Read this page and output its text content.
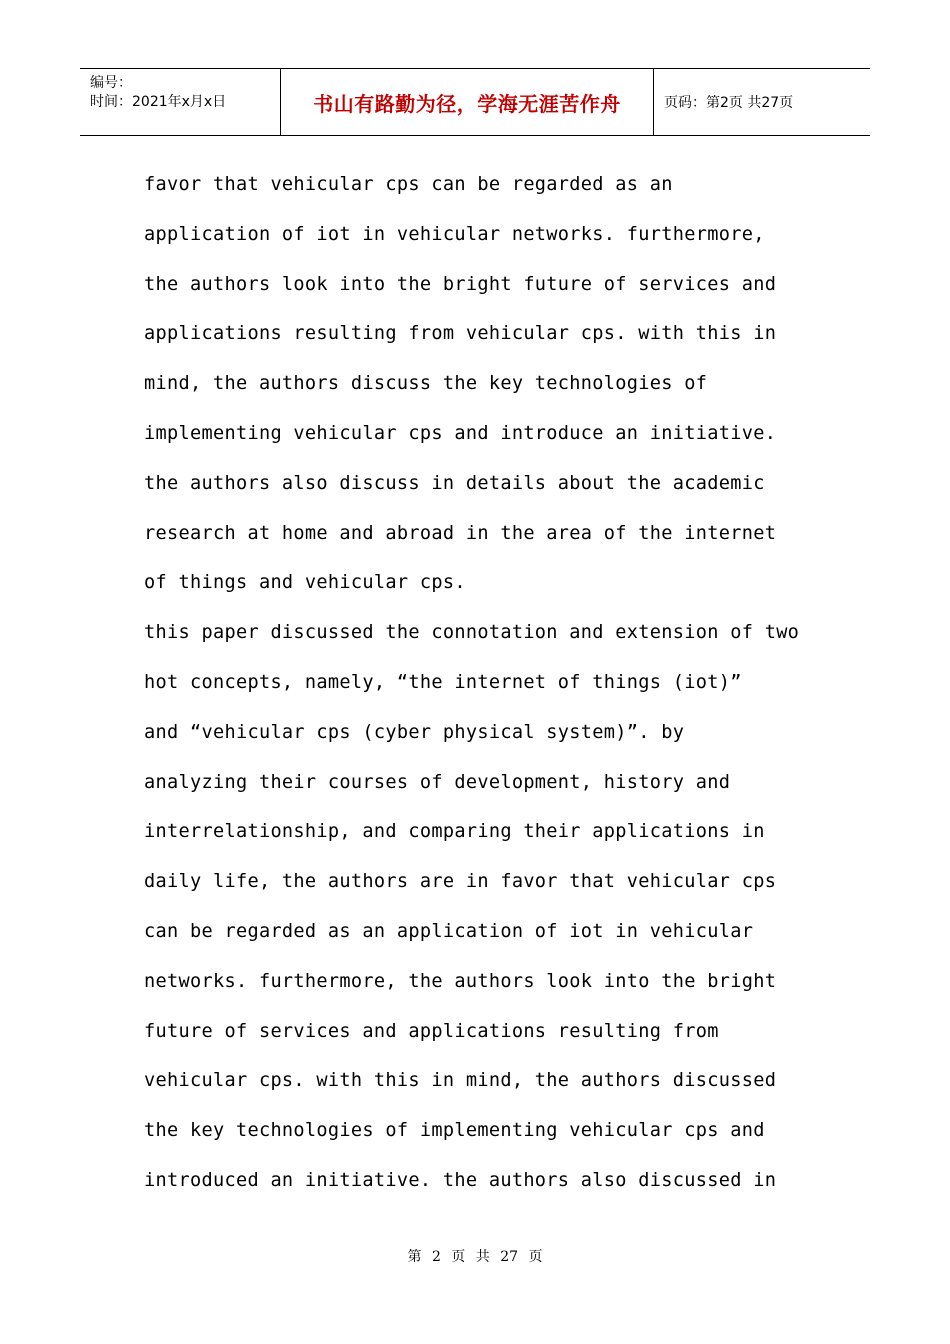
编号：
时间：2021年x月x日	书山有路勤为径，学海无涯苦作舟	页码：第2页 共27页
favor that vehicular cps can be regarded as an
application of iot in vehicular networks. furthermore,
the authors look into the bright future of services and
applications resulting from vehicular cps. with this in
mind, the authors discuss the key technologies of
implementing vehicular cps and introduce an initiative.
the authors also discuss in details about the academic
research at home and abroad in the area of the internet
of things and vehicular cps.
this paper discussed the connotation and extension of two
hot concepts, namely, “the internet of things (iot)”
and “vehicular cps (cyber physical system)”. by
analyzing their courses of development, history and
interrelationship, and comparing their applications in
daily life, the authors are in favor that vehicular cps
can be regarded as an application of iot in vehicular
networks. furthermore, the authors look into the bright
future of services and applications resulting from
vehicular cps. with this in mind, the authors discussed
the key technologies of implementing vehicular cps and
introduced an initiative. the authors also discussed in
第 2 页 共 27 页
